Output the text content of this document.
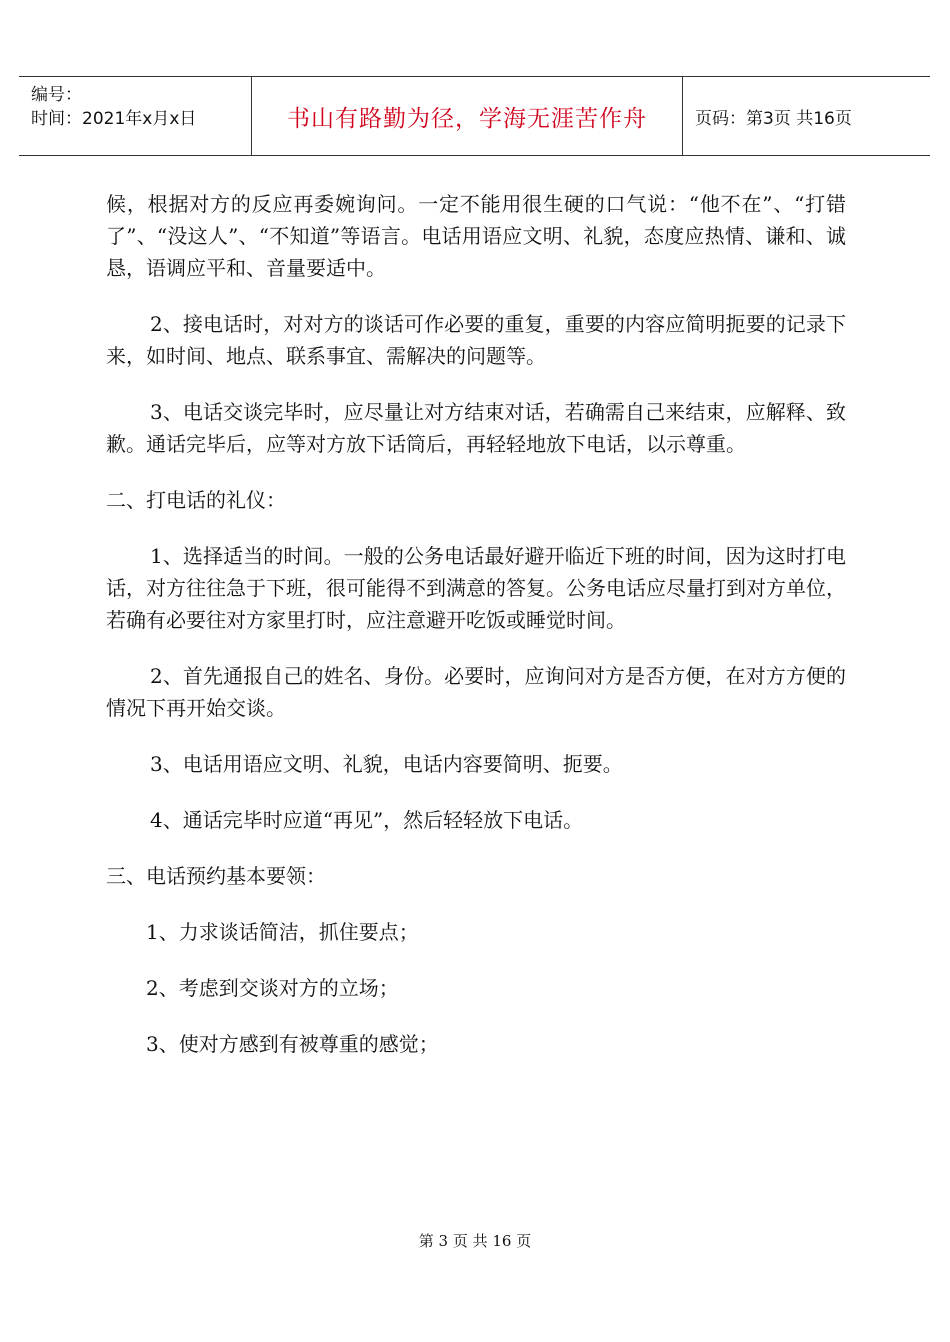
编号：
时间：2021年x月x日	书山有路勤为径，学海无涯苦作舟	页码：第3页 共16页

候，根据对方的反应再委婉询问。一定不能用很生硬的口气说：“他不在”、“打错了”、“没这人”、“不知道”等语言。电话用语应文明、礼貌，态度应热情、谦和、诚恳，语调应平和、音量要适中。

2、接电话时，对对方的谈话可作必要的重复，重要的内容应简明扼要的记录下来，如时间、地点、联系事宜、需解决的问题等。

3、电话交谈完毕时，应尽量让对方结束对话，若确需自己来结束，应解释、致歉。通话完毕后，应等对方放下话筒后，再轻轻地放下电话，以示尊重。

二、打电话的礼仪：

1、选择适当的时间。一般的公务电话最好避开临近下班的时间，因为这时打电话，对方往往急于下班，很可能得不到满意的答复。公务电话应尽量打到对方单位，若确有必要往对方家里打时，应注意避开吃饭或睡觉时间。

2、首先通报自己的姓名、身份。必要时，应询问对方是否方便，在对方方便的情况下再开始交谈。

3、电话用语应文明、礼貌，电话内容要简明、扼要。

4、通话完毕时应道“再见”，然后轻轻放下电话。

三、电话预约基本要领：

1、力求谈话简洁，抓住要点；

2、考虑到交谈对方的立场；

3、使对方感到有被尊重的感觉；

第 3 页 共 16 页
